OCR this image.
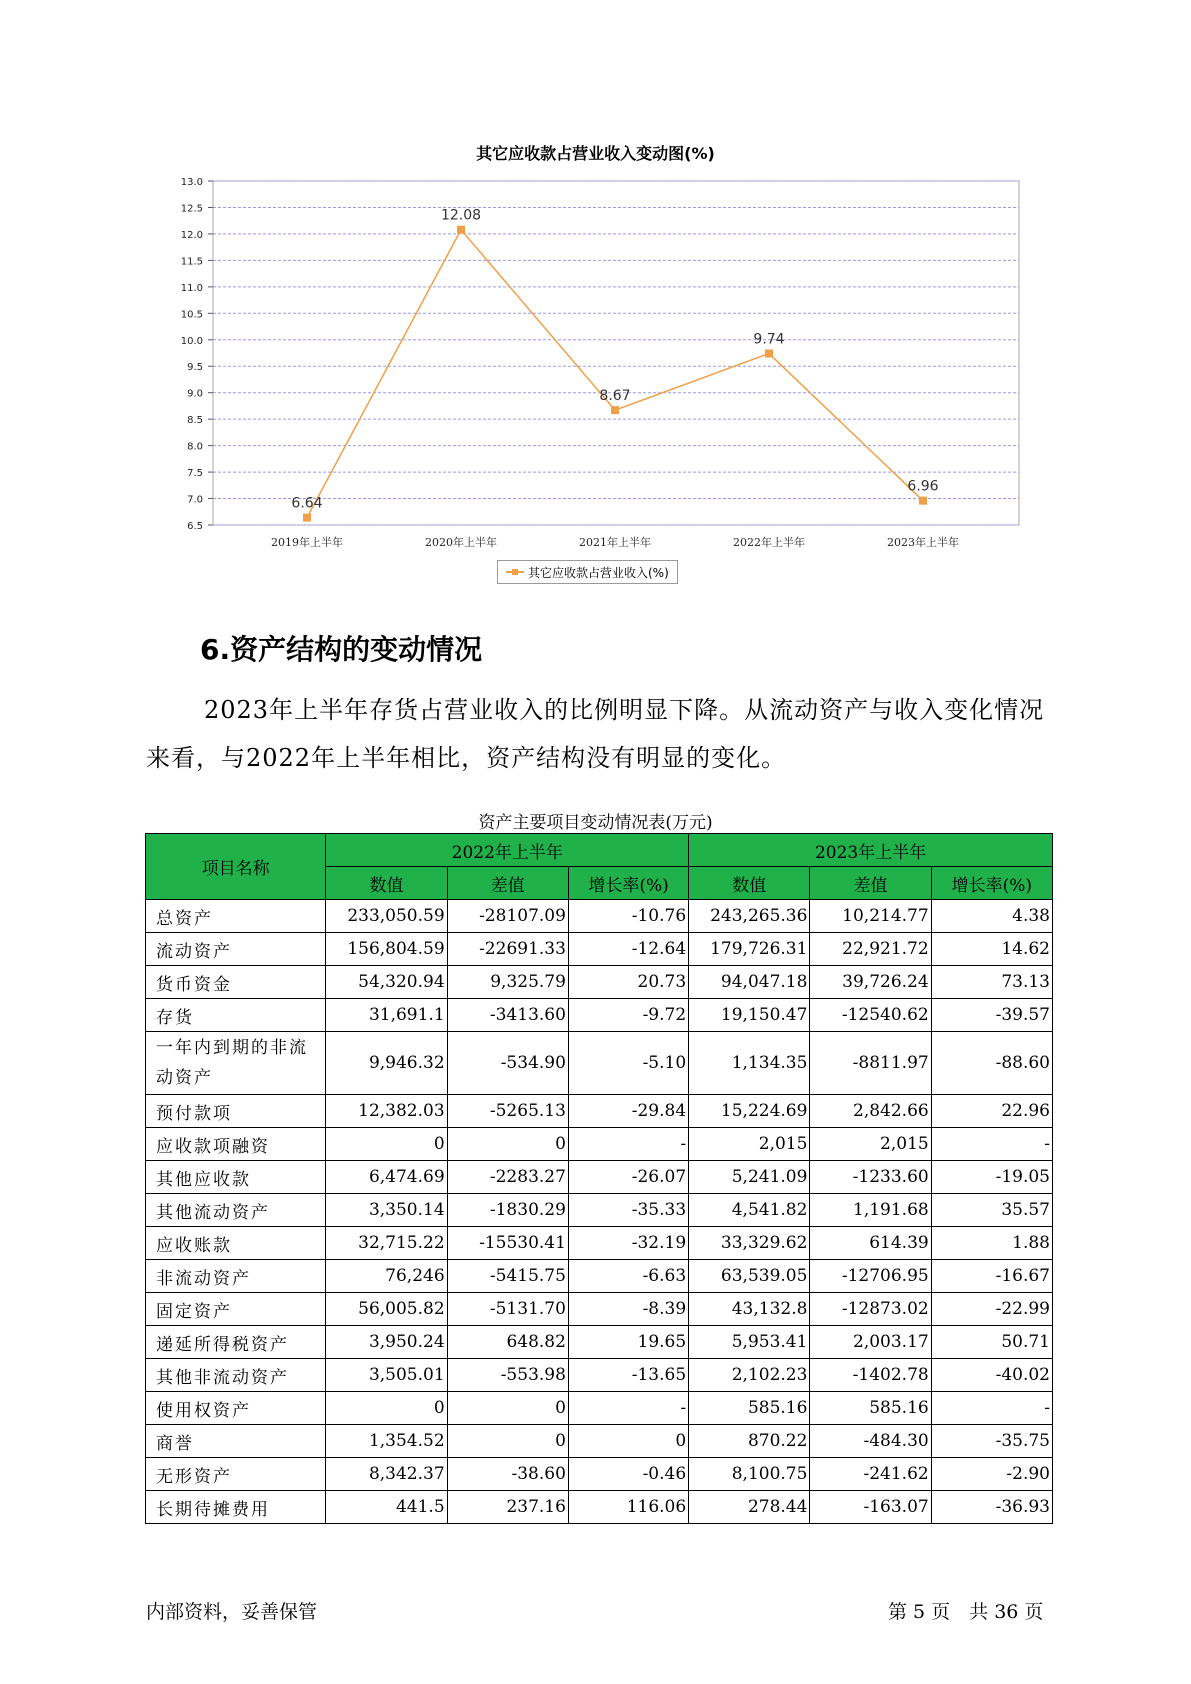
其它应收款占营业收入变动图(%)
13.0
12.5
12.0
11.5
11.0
10.5
10.0
9.5
9.0
8.5
8.0
7.5
7.0
6.5
2019年上半年	2020年上半年	2021年上半年	2022年上半年	2023年上半年
6.64
12.08
8.67
9.74
6.96
其它应收款占营业收入(%)
6.资产结构的变动情况
2023年上半年存货占营业收入的比例明显下降。从流动资产与收入变化情况来看，与2022年上半年相比，资产结构没有明显的变化。
资产主要项目变动情况表(万元)
项目名称	2022年上半年			2023年上半年		
	数值	差值	增长率(%)	数值	差值	增长率(%)
总资产	233,050.59	-28107.09	-10.76	243,265.36	10,214.77	4.38
流动资产	156,804.59	-22691.33	-12.64	179,726.31	22,921.72	14.62
货币资金	54,320.94	9,325.79	20.73	94,047.18	39,726.24	73.13
存货	31,691.1	-3413.60	-9.72	19,150.47	-12540.62	-39.57
一年内到期的非流动资产	9,946.32	-534.90	-5.10	1,134.35	-8811.97	-88.60
预付款项	12,382.03	-5265.13	-29.84	15,224.69	2,842.66	22.96
应收款项融资	0	0	-	2,015	2,015	-
其他应收款	6,474.69	-2283.27	-26.07	5,241.09	-1233.60	-19.05
其他流动资产	3,350.14	-1830.29	-35.33	4,541.82	1,191.68	35.57
应收账款	32,715.22	-15530.41	-32.19	33,329.62	614.39	1.88
非流动资产	76,246	-5415.75	-6.63	63,539.05	-12706.95	-16.67
固定资产	56,005.82	-5131.70	-8.39	43,132.8	-12873.02	-22.99
递延所得税资产	3,950.24	648.82	19.65	5,953.41	2,003.17	50.71
其他非流动资产	3,505.01	-553.98	-13.65	2,102.23	-1402.78	-40.02
使用权资产	0	0	-	585.16	585.16	-
商誉	1,354.52	0	0	870.22	-484.30	-35.75
无形资产	8,342.37	-38.60	-0.46	8,100.75	-241.62	-2.90
长期待摊费用	441.5	237.16	116.06	278.44	-163.07	-36.93
内部资料，妥善保管	第 5 页　共 36 页
